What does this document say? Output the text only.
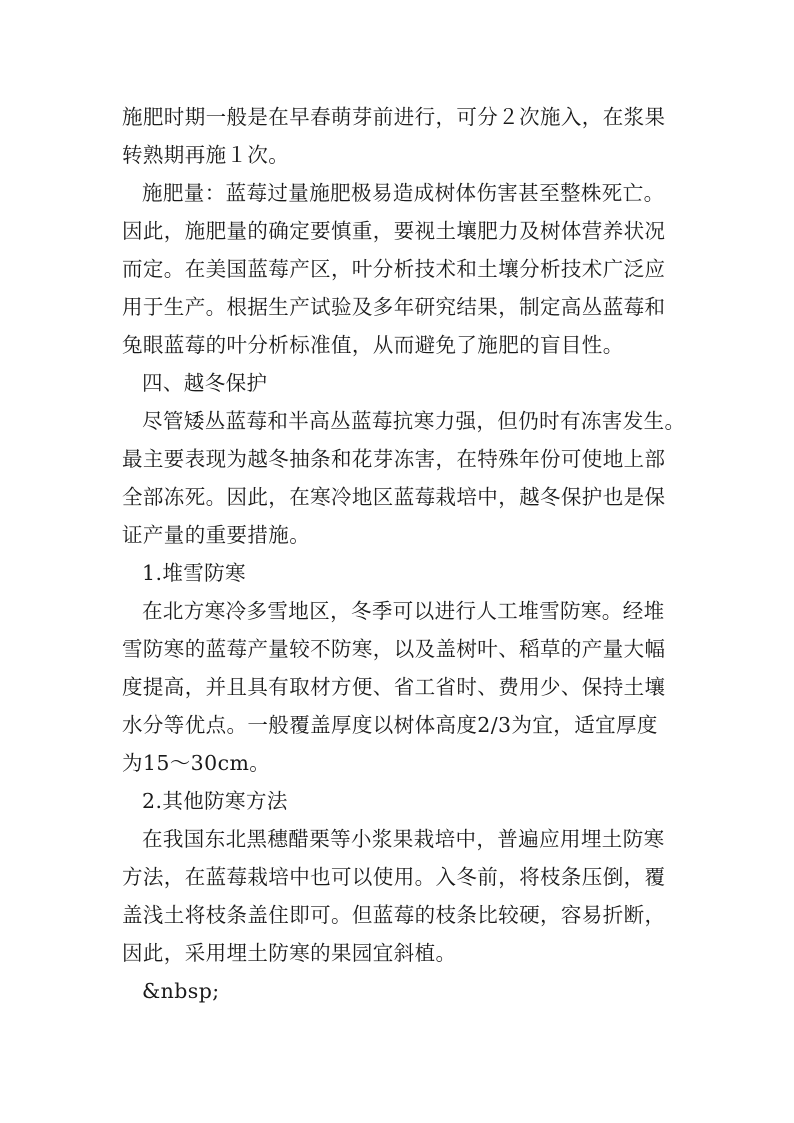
施肥时期一般是在早春萌芽前进行，可分２次施入，在浆果
转熟期再施１次。
施肥量：蓝莓过量施肥极易造成树体伤害甚至整株死亡。
因此，施肥量的确定要慎重，要视土壤肥力及树体营养状况
而定。在美国蓝莓产区，叶分析技术和土壤分析技术广泛应
用于生产。根据生产试验及多年研究结果，制定高丛蓝莓和
兔眼蓝莓的叶分析标准值，从而避免了施肥的盲目性。
四、越冬保护
尽管矮丛蓝莓和半高丛蓝莓抗寒力强，但仍时有冻害发生。
最主要表现为越冬抽条和花芽冻害，在特殊年份可使地上部
全部冻死。因此，在寒冷地区蓝莓栽培中，越冬保护也是保
证产量的重要措施。
1.堆雪防寒
在北方寒冷多雪地区，冬季可以进行人工堆雪防寒。经堆
雪防寒的蓝莓产量较不防寒，以及盖树叶、稻草的产量大幅
度提高，并且具有取材方便、省工省时、费用少、保持土壤
水分等优点。一般覆盖厚度以树体高度2/3为宜，适宜厚度
为15～30cm。
2.其他防寒方法
在我国东北黑穗醋栗等小浆果栽培中，普遍应用埋土防寒
方法，在蓝莓栽培中也可以使用。入冬前，将枝条压倒，覆
盖浅土将枝条盖住即可。但蓝莓的枝条比较硬，容易折断，
因此，采用埋土防寒的果园宜斜植。
&nbsp;
